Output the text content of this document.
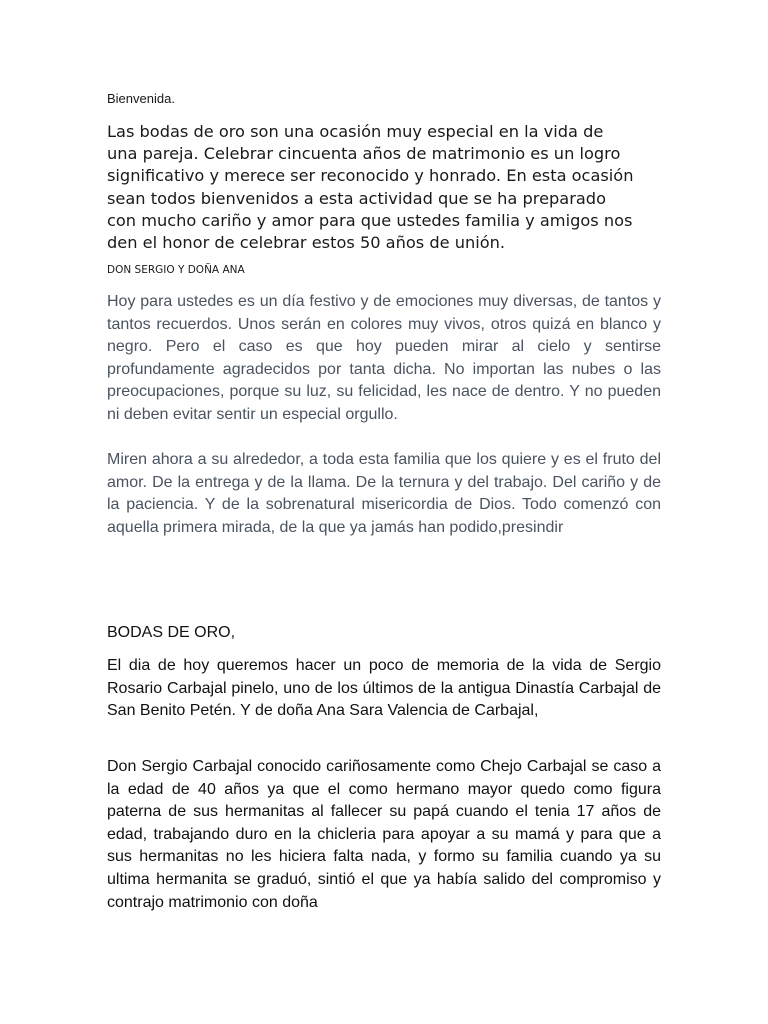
Bienvenida.

Las bodas de oro son una ocasión muy especial en la vida de
una pareja. Celebrar cincuenta años de matrimonio es un logro
significativo y merece ser reconocido y honrado. En esta ocasión
sean todos bienvenidos a esta actividad que se ha preparado
con mucho cariño y amor para que ustedes familia y amigos nos
den el honor de celebrar estos 50 años de unión.

DON SERGIO Y DOÑA ANA

Hoy para ustedes es un día festivo y de emociones muy diversas, de tantos y tantos recuerdos. Unos serán en colores muy vivos, otros quizá en blanco y negro. Pero el caso es que hoy pueden mirar al cielo y sentirse profundamente agradecidos por tanta dicha. No importan las nubes o las preocupaciones, porque su luz, su felicidad, les nace de dentro. Y no pueden ni deben evitar sentir un especial orgullo.

Miren ahora a su alrededor, a toda esta familia que los quiere y es el fruto del amor. De la entrega y de la llama. De la ternura y del trabajo. Del cariño y de la paciencia. Y de la sobrenatural misericordia de Dios. Todo comenzó con aquella primera mirada, de la que ya jamás han podido,presindir

BODAS DE ORO,

El dia de hoy queremos hacer un poco de memoria de la vida de Sergio Rosario Carbajal pinelo, uno de los últimos de la antigua Dinastía Carbajal de San Benito Petén. Y de doña Ana Sara Valencia de Carbajal,

Don Sergio Carbajal conocido cariñosamente como Chejo Carbajal se caso a la edad de 40 años ya que el como hermano mayor quedo como figura paterna de sus hermanitas al fallecer su papá cuando el tenia 17 años de edad, trabajando duro en la chicleria para apoyar a su mamá y para que a sus hermanitas no les hiciera falta nada, y formo su familia cuando ya su ultima hermanita se graduó, sintió el que ya había salido del compromiso y contrajo matrimonio con doña
